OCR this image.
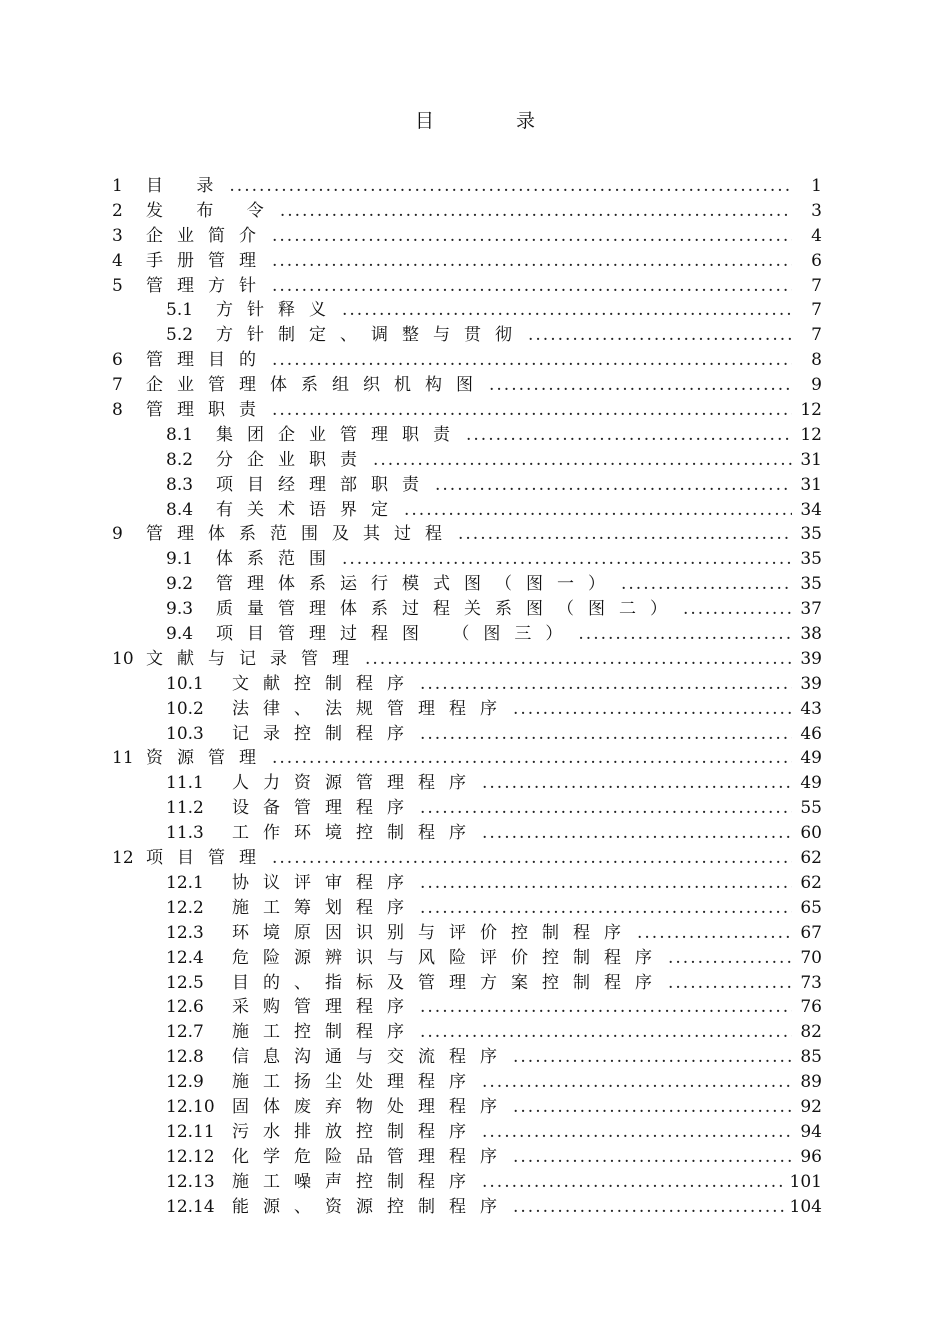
目 录
1	目 录 .....	1
2	发 布 令 .....	3
3	企业简介 .....	4
4	手册管理 .....	6
5	管理方针 .....	7
5.1	方针释义 .....	7
5.2	方针制定、调整与贯彻 .....	7
6	管理目的 .....	8
7	企业管理体系组织机构图 .....	9
8	管理职责 .....	12
8.1	集团企业管理职责 .....	12
8.2	分企业职责 .....	31
8.3	项目经理部职责 .....	31
8.4	有关术语界定 .....	34
9	管理体系范围及其过程 .....	35
9.1	体系范围 .....	35
9.2	管理体系运行模式图（图一） .....	35
9.3	质量管理体系过程关系图（图二） .....	37
9.4	项目管理过程图 （图三） .....	38
10 文献与记录管理 .....	39
10.1	文献控制程序 .....	39
10.2	法律、法规管理程序 .....	43
10.3	记录控制程序 .....	46
11 资源管理 .....	49
11.1	人力资源管理程序 .....	49
11.2	设备管理程序 .....	55
11.3	工作环境控制程序 .....	60
12 项目管理 .....	62
12.1	协议评审程序 .....	62
12.2	施工筹划程序 .....	65
12.3	环境原因识别与评价控制程序 .....	67
12.4	危险源辨识与风险评价控制程序 .....	70
12.5	目的、指标及管理方案控制程序 .....	73
12.6	采购管理程序 .....	76
12.7	施工控制程序 .....	82
12.8	信息沟通与交流程序 .....	85
12.9	施工扬尘处理程序 .....	89
12.10	固体废弃物处理程序 .....	92
12.11	污水排放控制程序 .....	94
12.12	化学危险品管理程序 .....	96
12.13	施工噪声控制程序 .....	101
12.14	能源、资源控制程序 .....	104
